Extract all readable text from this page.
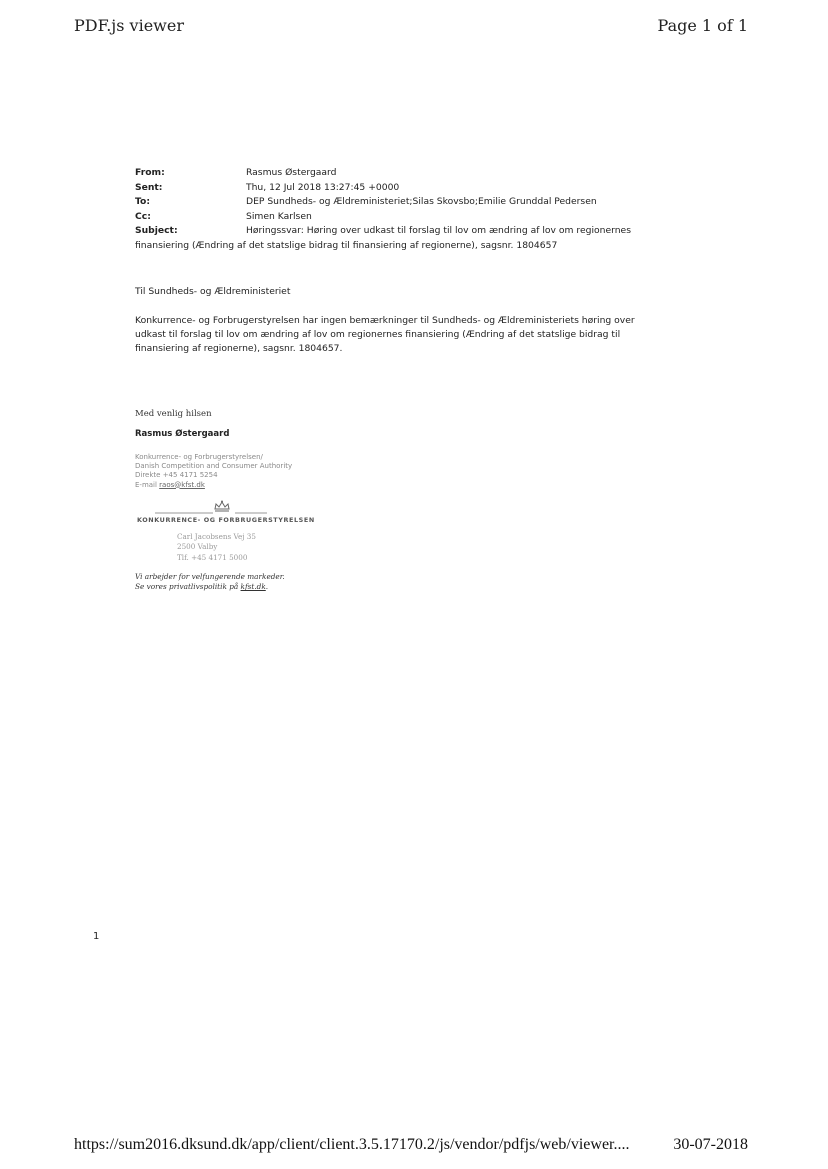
PDF.js viewer	Page 1 of 1
From:	Rasmus Østergaard
Sent:	Thu, 12 Jul 2018 13:27:45 +0000
To:	DEP Sundheds- og Ældreministeriet;Silas Skovsbo;Emilie Grunddal Pedersen
Cc:	Simen Karlsen
Subject:	Høringssvar: Høring over udkast til forslag til lov om ændring af lov om regionernes
finansiering (Ændring af det statslige bidrag til finansiering af regionerne), sagsnr. 1804657
Til Sundheds- og Ældreministeriet
Konkurrence- og Forbrugerstyrelsen har ingen bemærkninger til Sundheds- og Ældreministeriets høring over udkast til forslag til lov om ændring af lov om regionernes finansiering (Ændring af det statslige bidrag til finansiering af regionerne), sagsnr. 1804657.
Med venlig hilsen
Rasmus Østergaard
Konkurrence- og Forbrugerstyrelsen/
Danish Competition and Consumer Authority
Direkte +45 4171 5254
E-mail raos@kfst.dk
KONKURRENCE- OG FORBRUGERSTYRELSEN
Carl Jacobsens Vej 35
2500 Valby
Tlf. +45 4171 5000
Vi arbejder for velfungerende markeder.
Se vores privatlivspolitik på kfst.dk.
1
https://sum2016.dksund.dk/app/client/client.3.5.17170.2/js/vendor/pdfjs/web/viewer....	30-07-2018
